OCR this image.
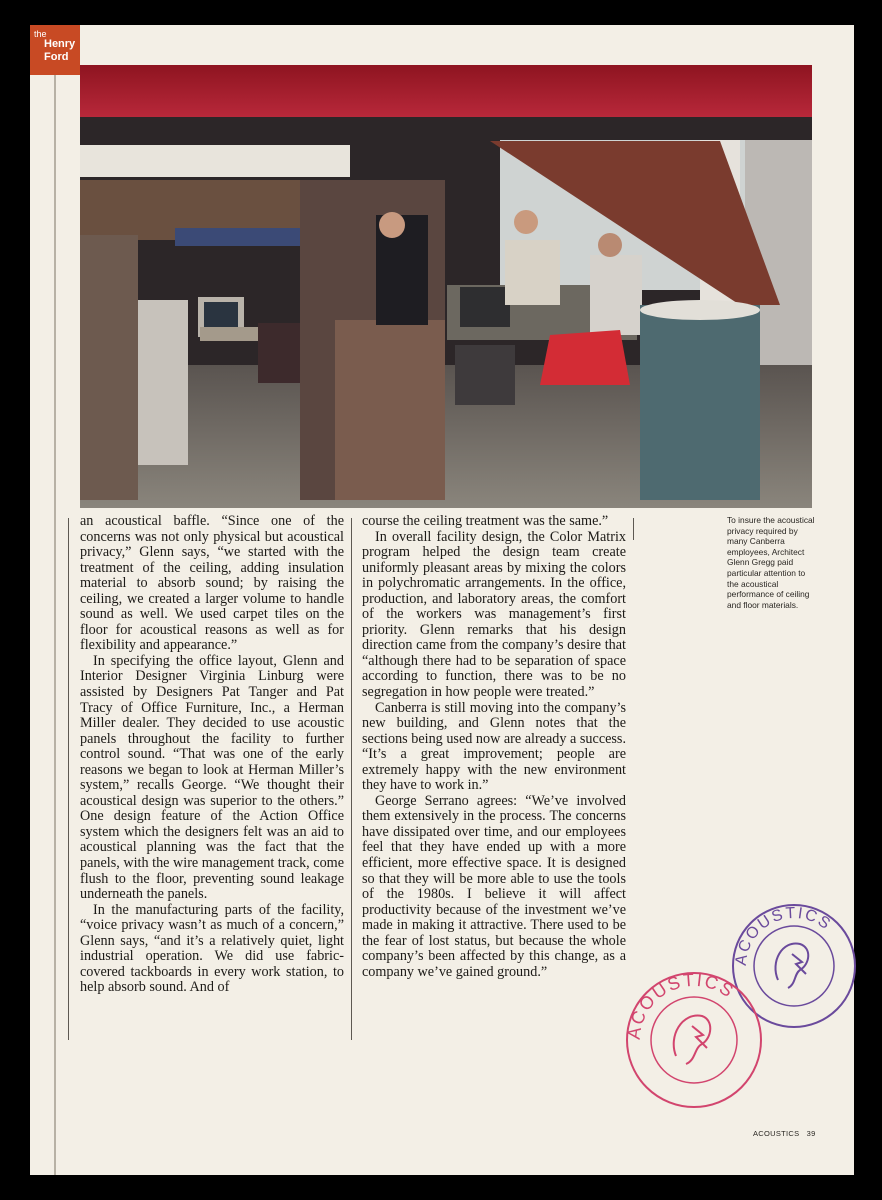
the
Henry
Ford

an acoustical baffle. “Since one of the concerns was not only physical but acoustical privacy,” Glenn says, “we started with the treatment of the ceiling, adding insulation material to absorb sound; by raising the ceiling, we created a larger volume to handle sound as well. We used carpet tiles on the floor for acoustical reasons as well as for flexibility and appearance.”

In specifying the office layout, Glenn and Interior Designer Virginia Linburg were assisted by Designers Pat Tanger and Pat Tracy of Office Furniture, Inc., a Herman Miller dealer. They decided to use acoustic panels throughout the facility to further control sound. “That was one of the early reasons we began to look at Herman Miller’s system,” recalls George. “We thought their acoustical design was superior to the others.” One design feature of the Action Office system which the designers felt was an aid to acoustical planning was the fact that the panels, with the wire management track, come flush to the floor, preventing sound leakage underneath the panels.

In the manufacturing parts of the facility, “voice privacy wasn’t as much of a concern,” Glenn says, “and it’s a relatively quiet, light industrial operation. We did use fabric-covered tackboards in every work station, to help absorb sound. And of

course the ceiling treatment was the same.”

In overall facility design, the Color Matrix program helped the design team create uniformly pleasant areas by mixing the colors in polychromatic arrangements. In the office, production, and laboratory areas, the comfort of the workers was management’s first priority. Glenn remarks that his design direction came from the company’s desire that “although there had to be separation of space according to function, there was to be no segregation in how people were treated.”

Canberra is still moving into the company’s new building, and Glenn notes that the sections being used now are already a success. “It’s a great improvement; people are extremely happy with the new environment they have to work in.”

George Serrano agrees: “We’ve involved them extensively in the process. The concerns have dissipated over time, and our employees feel that they have ended up with a more efficient, more effective space. It is designed so that they will be more able to use the tools of the 1980s. I believe it will affect productivity because of the investment we’ve made in making it attractive. There used to be the fear of lost status, but because the whole company’s been affected by this change, as a company we’ve gained ground.”

To insure the acoustical privacy required by many Canberra employees, Architect Glenn Gregg paid particular attention to the acoustical performance of ceiling and floor materials.
ACOUSTICS
ACOUSTICS
ACOUSTICS 39
